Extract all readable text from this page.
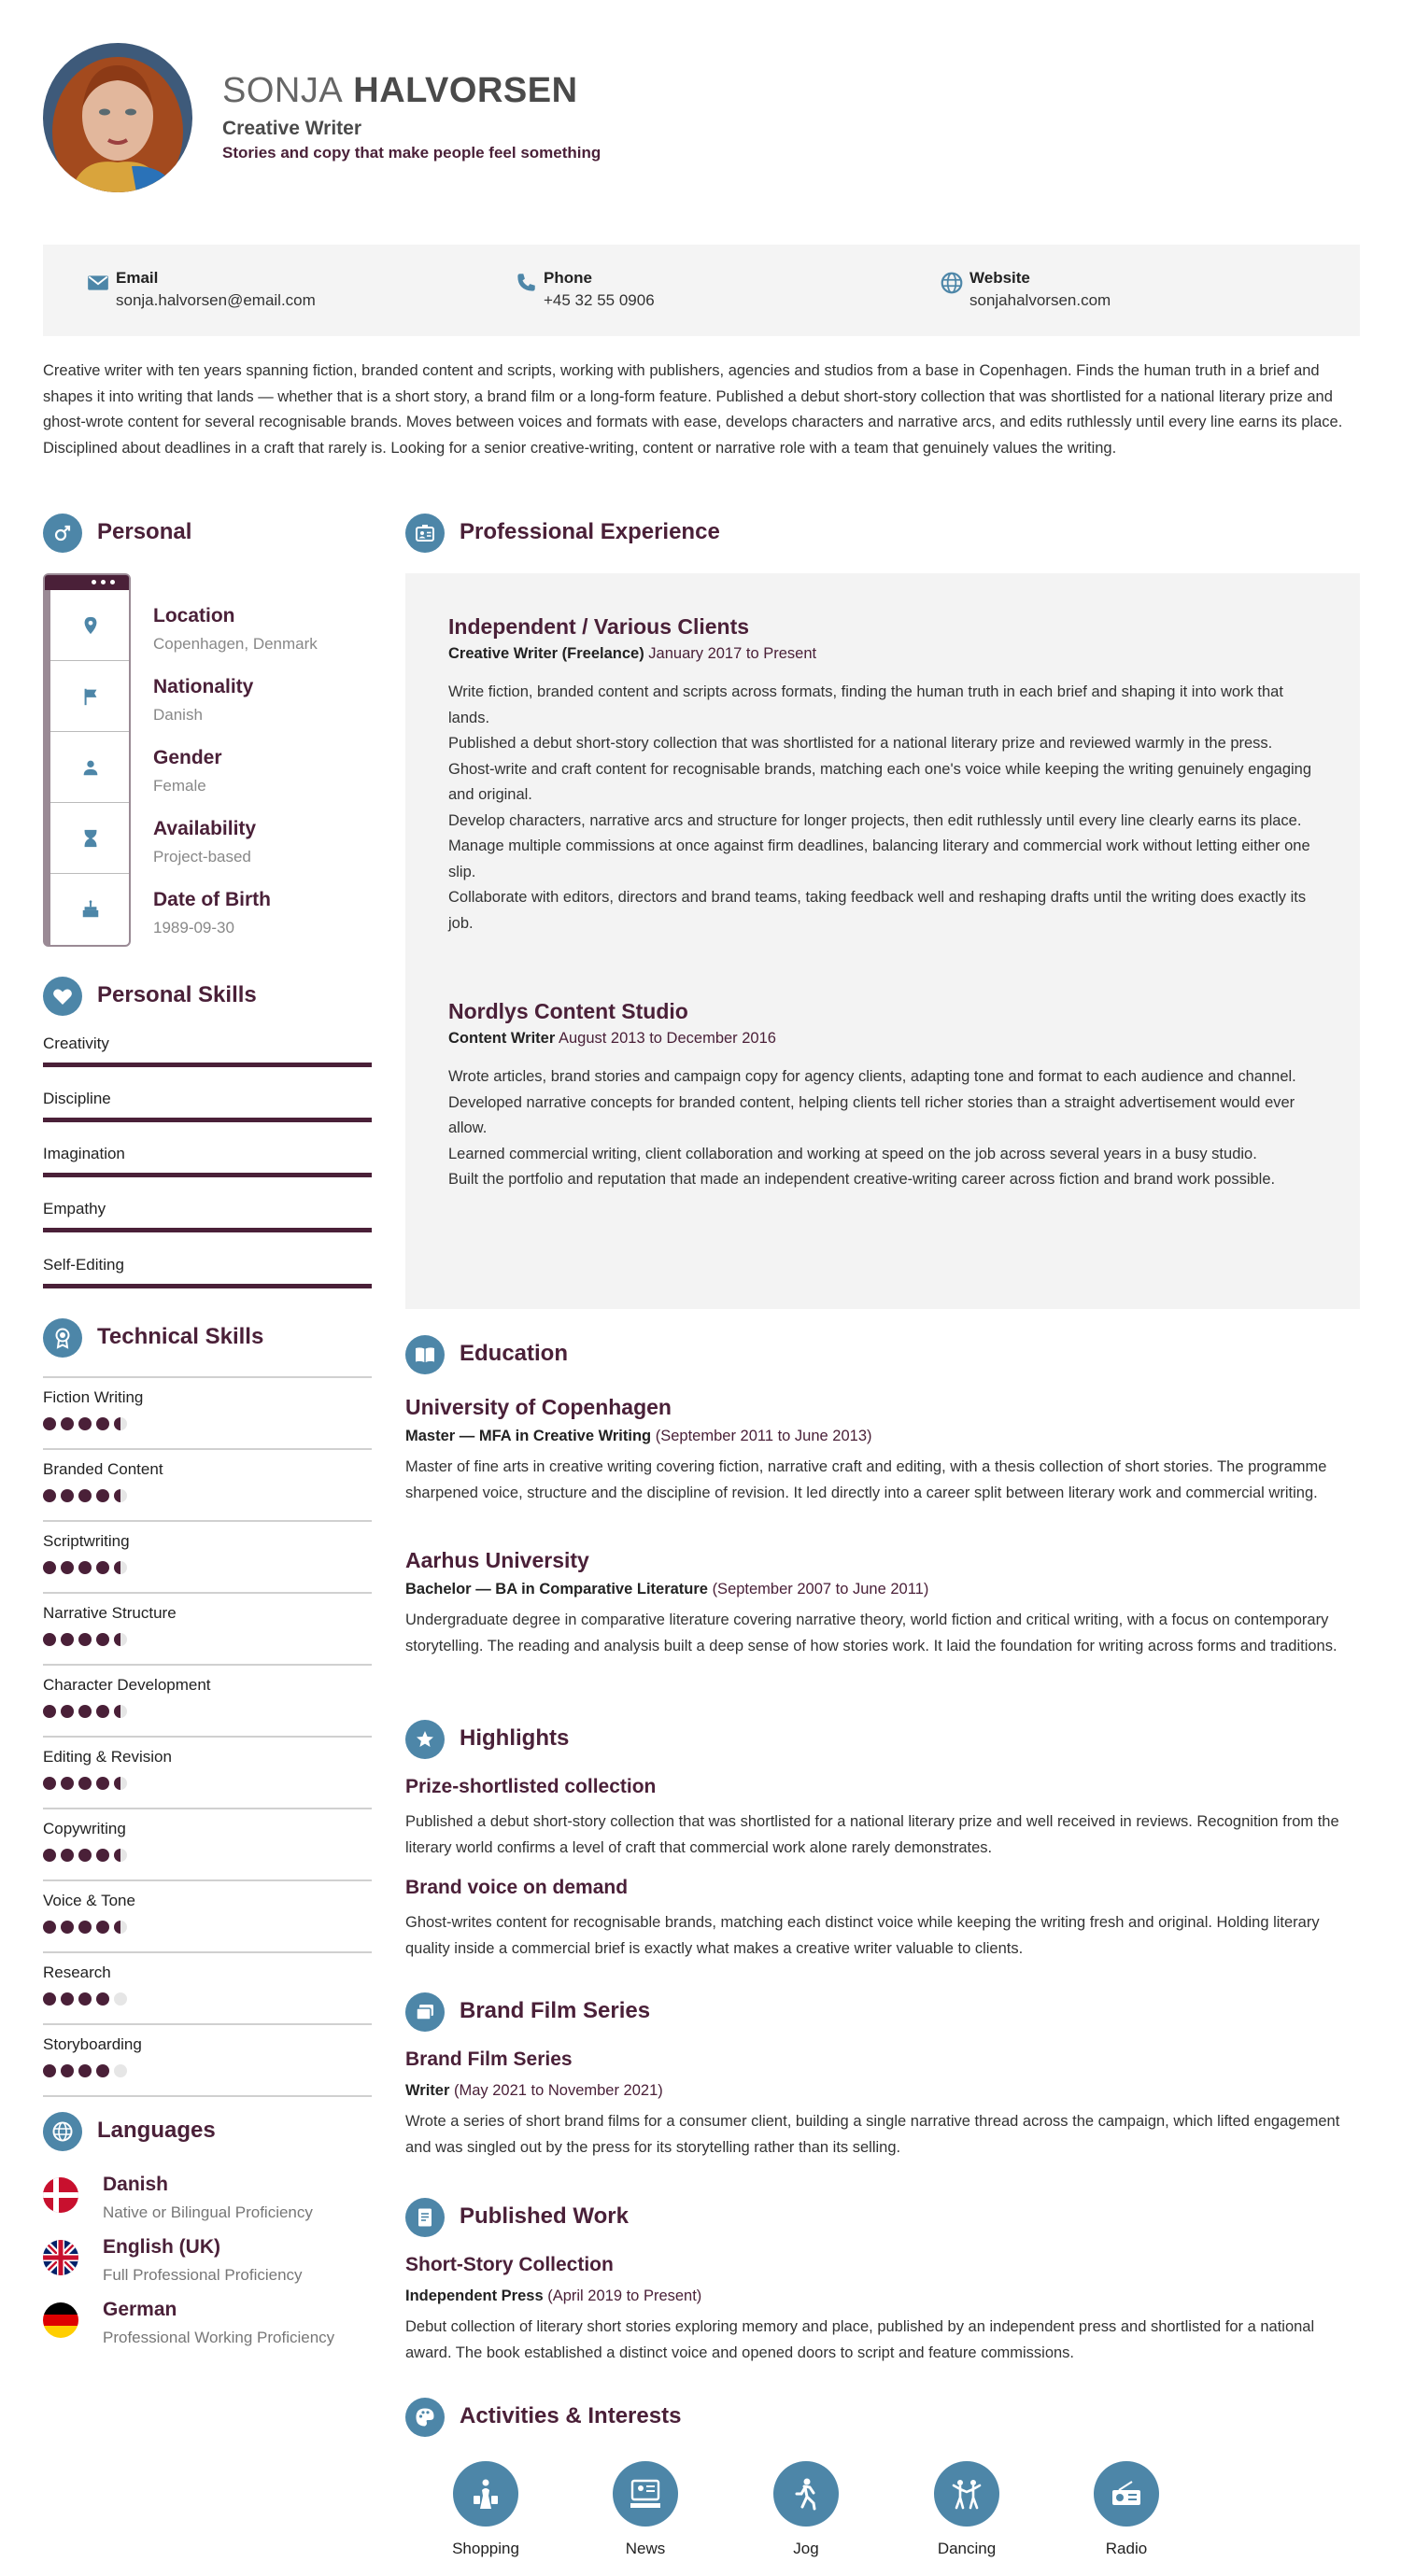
SONJA HALVORSEN
Creative Writer
Stories and copy that make people feel something
Email
sonja.halvorsen@email.com
Phone
+45 32 55 0906
Website
sonjahalvorsen.com
Creative writer with ten years spanning fiction, branded content and scripts, working with publishers, agencies and studios from a base in Copenhagen. Finds the human truth in a brief and shapes it into writing that lands — whether that is a short story, a brand film or a long-form feature. Published a debut short-story collection that was shortlisted for a national literary prize and ghost-wrote content for several recognisable brands. Moves between voices and formats with ease, develops characters and narrative arcs, and edits ruthlessly until every line earns its place. Disciplined about deadlines in a craft that rarely is. Looking for a senior creative-writing, content or narrative role with a team that genuinely values the writing.
Personal
Location
Copenhagen, Denmark
Nationality
Danish
Gender
Female
Availability
Project-based
Date of Birth
1989-09-30
Personal Skills
Creativity
Discipline
Imagination
Empathy
Self-Editing
Technical Skills
Fiction Writing
Branded Content
Scriptwriting
Narrative Structure
Character Development
Editing & Revision
Copywriting
Voice & Tone
Research
Storyboarding
Languages
Danish
Native or Bilingual Proficiency
English (UK)
Full Professional Proficiency
German
Professional Working Proficiency
Professional Experience
Independent / Various Clients
Creative Writer (Freelance) January 2017 to Present
Write fiction, branded content and scripts across formats, finding the human truth in each brief and shaping it into work that lands.
Published a debut short-story collection that was shortlisted for a national literary prize and reviewed warmly in the press.
Ghost-write and craft content for recognisable brands, matching each one's voice while keeping the writing genuinely engaging and original.
Develop characters, narrative arcs and structure for longer projects, then edit ruthlessly until every line clearly earns its place.
Manage multiple commissions at once against firm deadlines, balancing literary and commercial work without letting either one slip.
Collaborate with editors, directors and brand teams, taking feedback well and reshaping drafts until the writing does exactly its job.
Nordlys Content Studio
Content Writer August 2013 to December 2016
Wrote articles, brand stories and campaign copy for agency clients, adapting tone and format to each audience and channel.
Developed narrative concepts for branded content, helping clients tell richer stories than a straight advertisement would ever allow.
Learned commercial writing, client collaboration and working at speed on the job across several years in a busy studio.
Built the portfolio and reputation that made an independent creative-writing career across fiction and brand work possible.
Education
University of Copenhagen
Master — MFA in Creative Writing (September 2011 to June 2013)
Master of fine arts in creative writing covering fiction, narrative craft and editing, with a thesis collection of short stories. The programme sharpened voice, structure and the discipline of revision. It led directly into a career split between literary work and commercial writing.
Aarhus University
Bachelor — BA in Comparative Literature (September 2007 to June 2011)
Undergraduate degree in comparative literature covering narrative theory, world fiction and critical writing, with a focus on contemporary storytelling. The reading and analysis built a deep sense of how stories work. It laid the foundation for writing across forms and traditions.
Highlights
Prize-shortlisted collection
Published a debut short-story collection that was shortlisted for a national literary prize and well received in reviews. Recognition from the literary world confirms a level of craft that commercial work alone rarely demonstrates.
Brand voice on demand
Ghost-writes content for recognisable brands, matching each distinct voice while keeping the writing fresh and original. Holding literary quality inside a commercial brief is exactly what makes a creative writer valuable to clients.
Brand Film Series
Brand Film Series
Writer (May 2021 to November 2021)
Wrote a series of short brand films for a consumer client, building a single narrative thread across the campaign, which lifted engagement and was singled out by the press for its storytelling rather than its selling.
Published Work
Short-Story Collection
Independent Press (April 2019 to Present)
Debut collection of literary short stories exploring memory and place, published by an independent press and shortlisted for a national award. The book established a distinct voice and opened doors to script and feature commissions.
Activities & Interests
Shopping	News	Jog	Dancing	Radio
